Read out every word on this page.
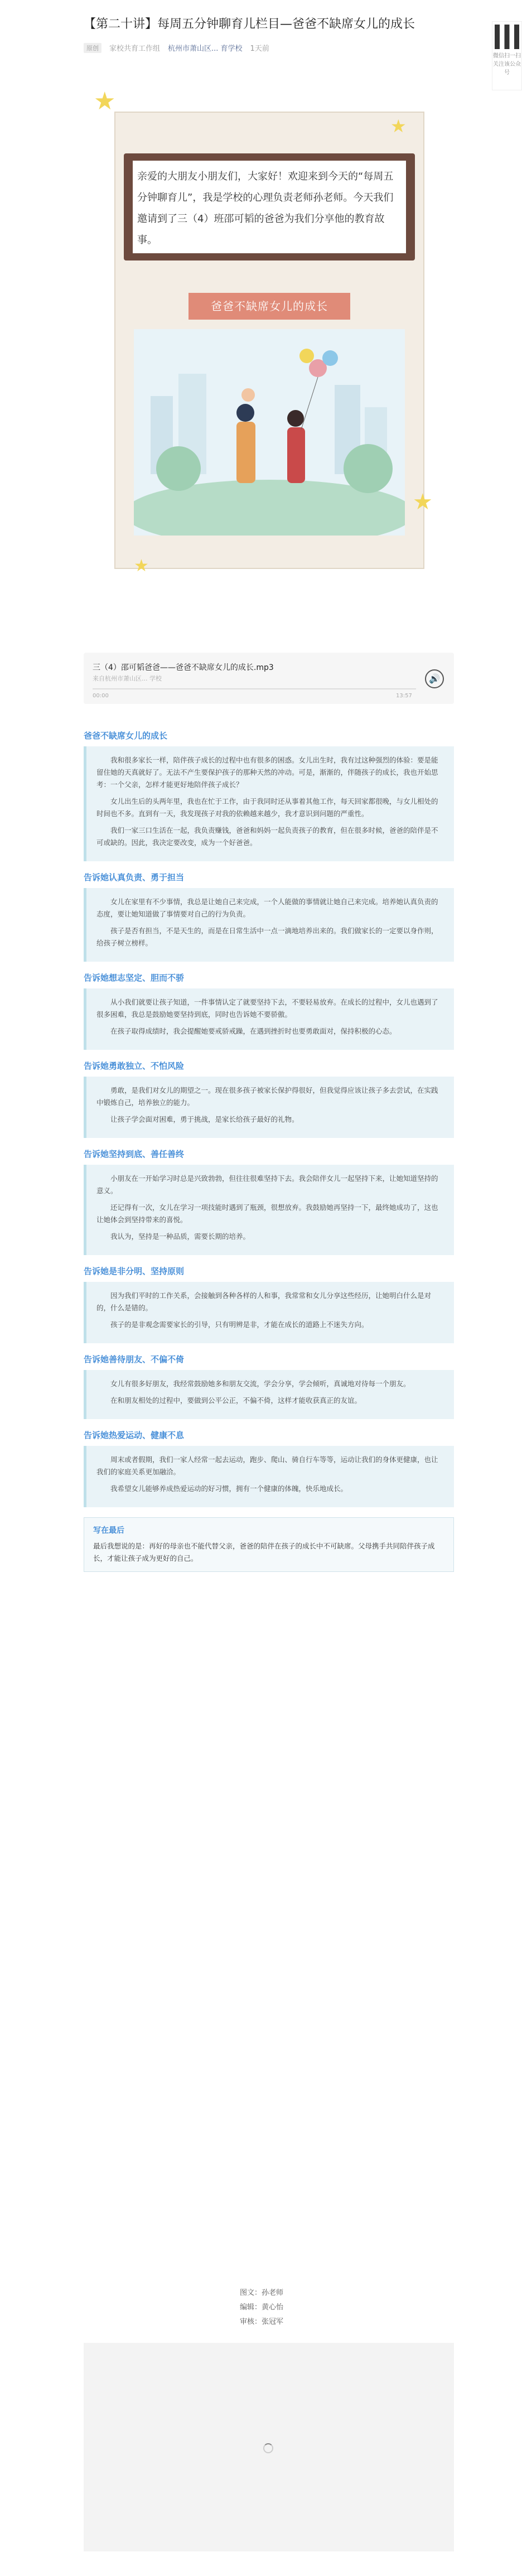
【第二十讲】每周五分钟聊育儿栏目—爸爸不缺席女儿的成长
原创	家校共育工作组 杭州市萧山区... 育学校 1天前
微信扫一扫
关注该公众号
★
★
★
★
亲爱的大朋友小朋友们，大家好！欢迎来到今天的“每周五分钟聊育儿”，我是学校的心理负责老师孙老师。今天我们邀请到了三（4）班邵可韬的爸爸为我们分享他的教育故事。
爸爸不缺席女儿的成长
三（4）邵可韬爸爸——爸爸不缺席女儿的成长.mp3
来自杭州市萧山区... 学校
00:00	13:57
🔊
爸爸不缺席女儿的成长

我和很多家长一样，陪伴孩子成长的过程中也有很多的困惑。女儿出生时，我有过这种强烈的体验：要是能留住她的天真就好了。无法不产生要保护孩子的那种天然的冲动。可是，渐渐的，伴随孩子的成长，我也开始思考：一个父亲，怎样才能更好地陪伴孩子成长？

女儿出生后的头两年里，我也在忙于工作，由于我同时还从事着其他工作，每天回家都很晚，与女儿相处的时间也不多。直到有一天，我发现孩子对我的依赖越来越少，我才意识到问题的严重性。

我们一家三口生活在一起，我负责赚钱，爸爸和妈妈一起负责孩子的教育，但在很多时候，爸爸的陪伴是不可或缺的。因此，我决定要改变，成为一个好爸爸。

告诉她认真负责、勇于担当

女儿在家里有不少事情，我总是让她自己来完成，一个人能做的事情就让她自己来完成。培养她认真负责的态度，要让她知道做了事情要对自己的行为负责。

孩子是否有担当，不是天生的，而是在日常生活中一点一滴地培养出来的。我们做家长的一定要以身作则，给孩子树立榜样。

告诉她想志坚定、胆而不骄

从小我们就要让孩子知道，一件事情认定了就要坚持下去，不要轻易放弃。在成长的过程中，女儿也遇到了很多困难，我总是鼓励她要坚持到底，同时也告诉她不要骄傲。

在孩子取得成绩时，我会提醒她要戒骄戒躁，在遇到挫折时也要勇敢面对，保持积极的心态。

告诉她勇敢独立、不怕风险

勇敢，是我们对女儿的期望之一。现在很多孩子被家长保护得很好，但我觉得应该让孩子多去尝试，在实践中锻炼自己，培养独立的能力。

让孩子学会面对困难，勇于挑战，是家长给孩子最好的礼物。

告诉她坚持到底、善任善终

小朋友在一开始学习时总是兴致勃勃，但往往很难坚持下去。我会陪伴女儿一起坚持下来，让她知道坚持的意义。

还记得有一次，女儿在学习一项技能时遇到了瓶颈，很想放弃。我鼓励她再坚持一下，最终她成功了，这也让她体会到坚持带来的喜悦。

我认为，坚持是一种品质，需要长期的培养。

告诉她是非分明、坚持原则

因为我们平时的工作关系，会接触到各种各样的人和事，我常常和女儿分享这些经历，让她明白什么是对的，什么是错的。

孩子的是非观念需要家长的引导，只有明辨是非，才能在成长的道路上不迷失方向。

告诉她善待朋友、不偏不倚

女儿有很多好朋友，我经常鼓励她多和朋友交流，学会分享，学会倾听，真诚地对待每一个朋友。

在和朋友相处的过程中，要做到公平公正，不偏不倚，这样才能收获真正的友谊。

告诉她热爱运动、健康不息

周末或者假期，我们一家人经常一起去运动，跑步、爬山、骑自行车等等，运动让我们的身体更健康，也让我们的家庭关系更加融洽。

我希望女儿能够养成热爱运动的好习惯，拥有一个健康的体魄，快乐地成长。

写在最后
最后我想说的是：再好的母亲也不能代替父亲，爸爸的陪伴在孩子的成长中不可缺席。父母携手共同陪伴孩子成长，才能让孩子成为更好的自己。
图文：孙老师
编辑：黄心怡
审核：张冠军
